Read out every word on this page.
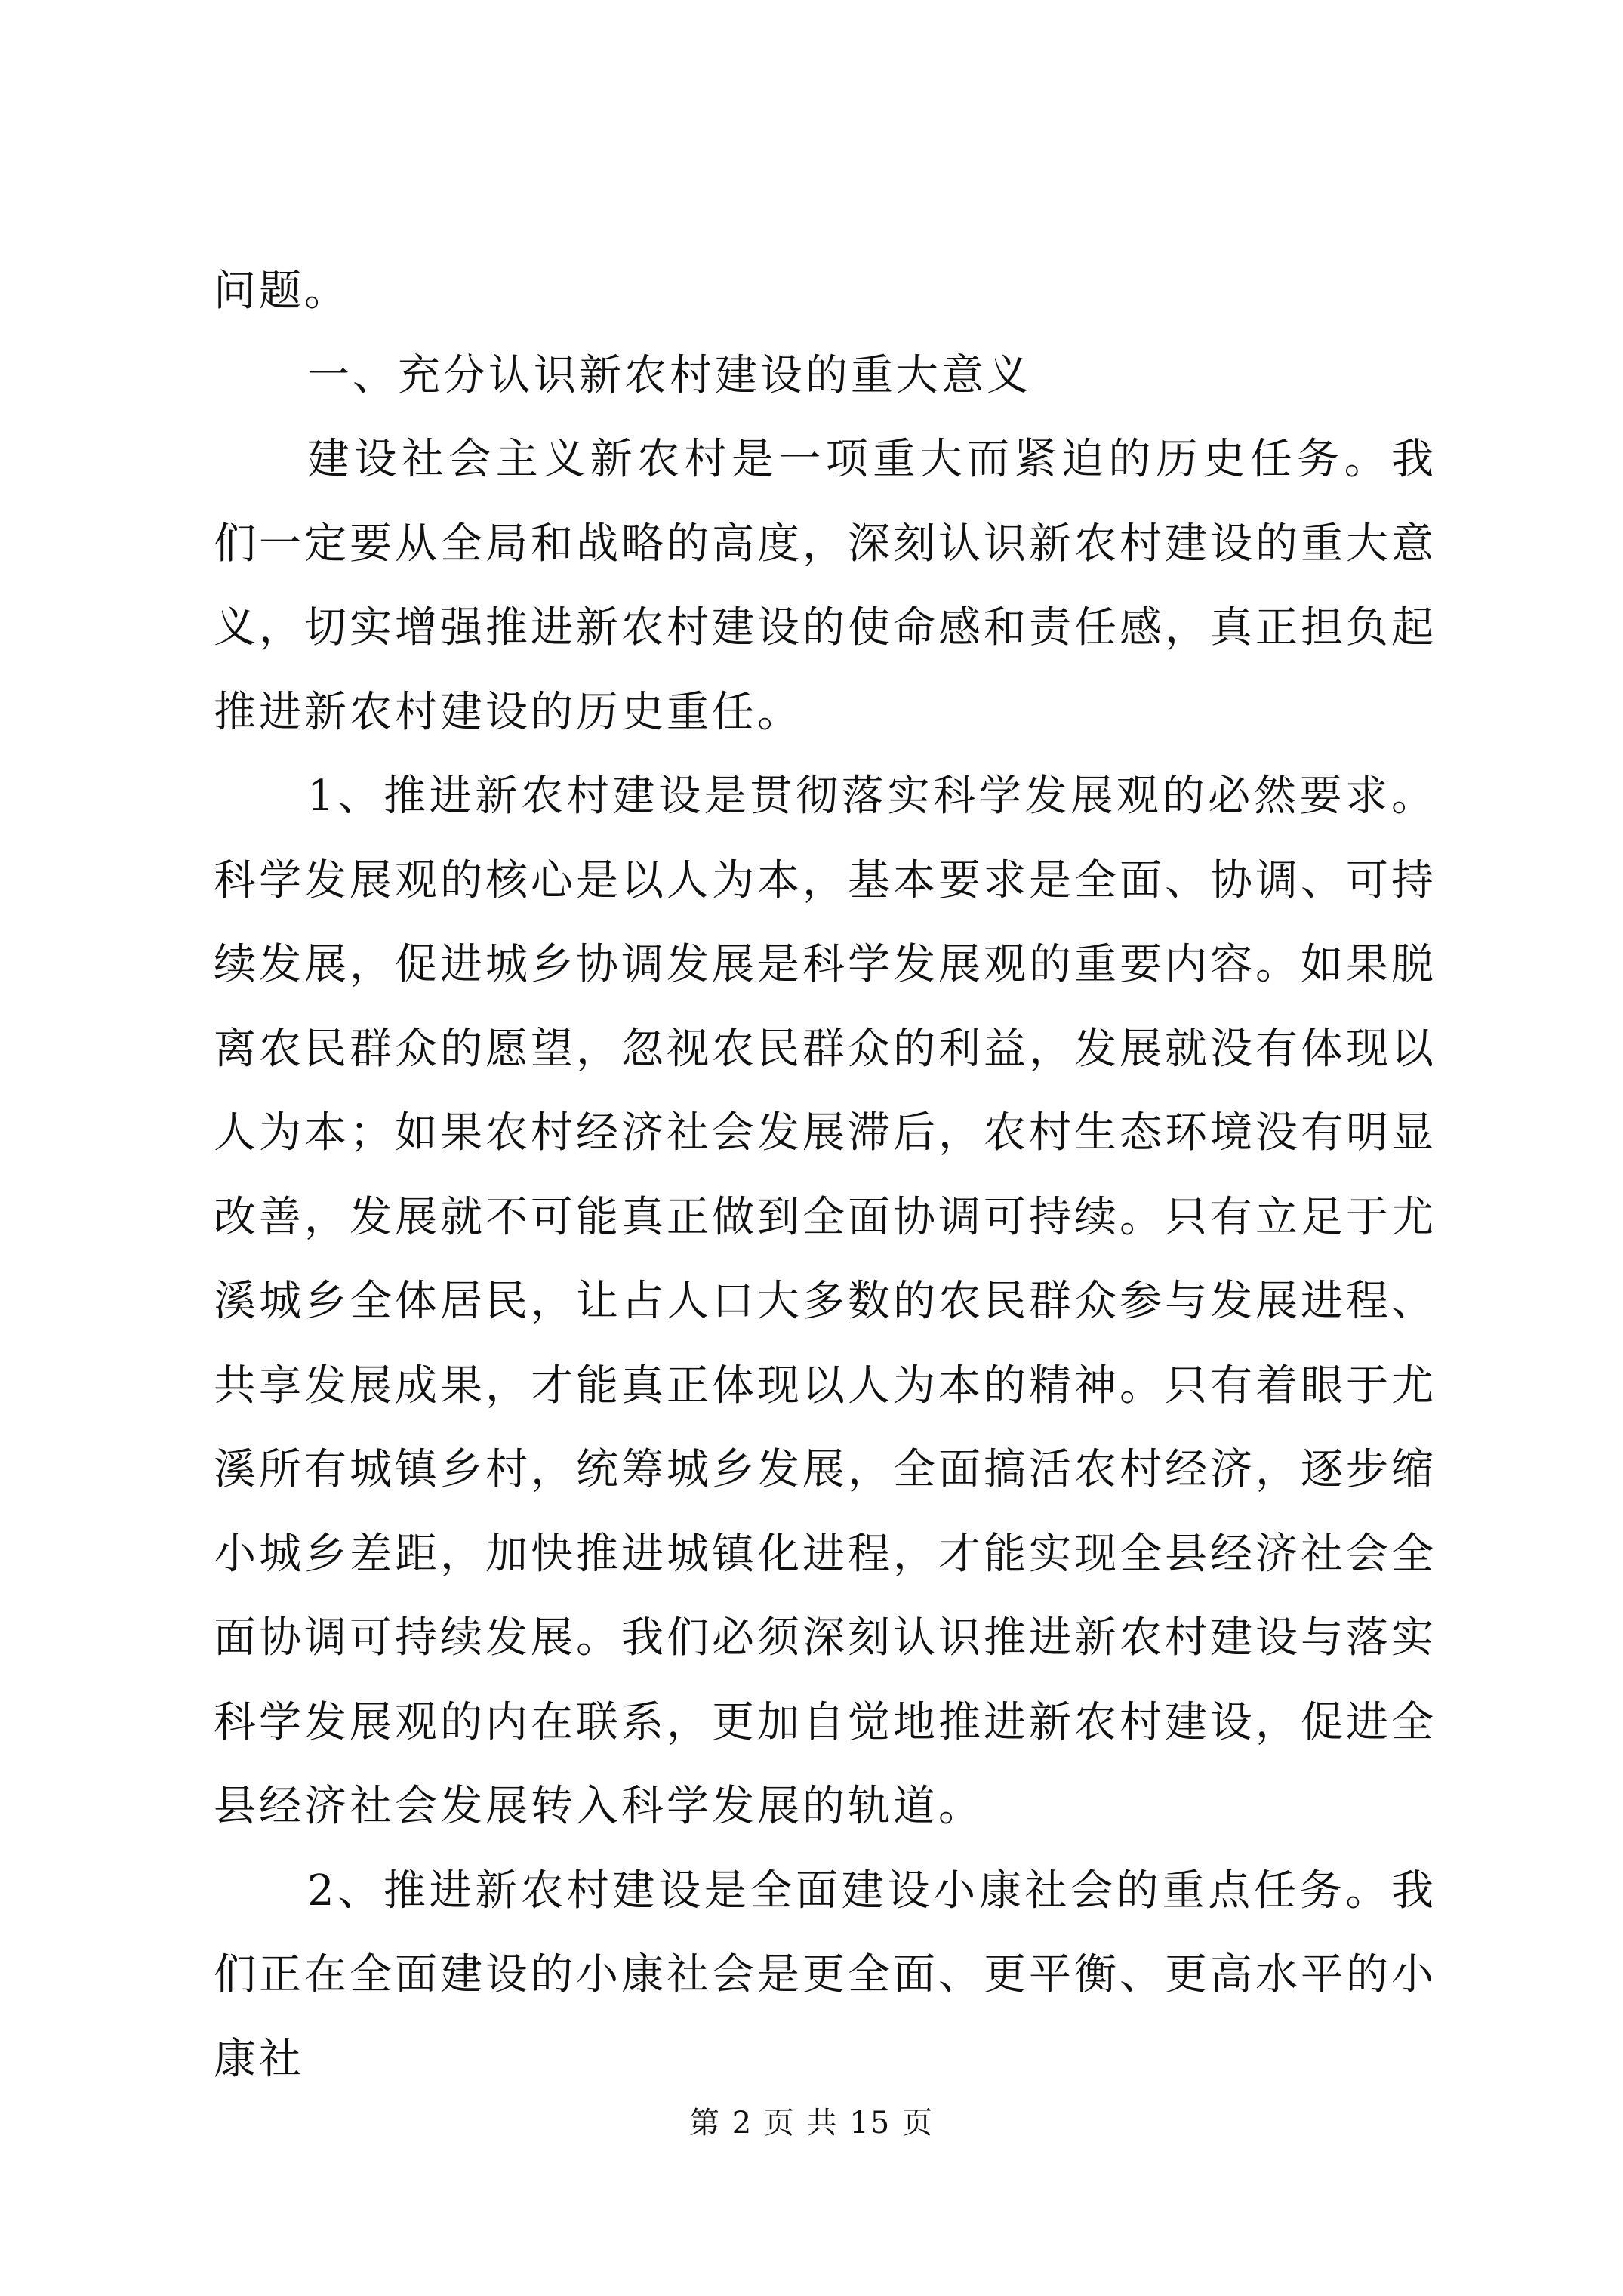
问题。

一、充分认识新农村建设的重大意义

建设社会主义新农村是一项重大而紧迫的历史任务。我们一定要从全局和战略的高度，深刻认识新农村建设的重大意义，切实增强推进新农村建设的使命感和责任感，真正担负起推进新农村建设的历史重任。

1、推进新农村建设是贯彻落实科学发展观的必然要求。科学发展观的核心是以人为本，基本要求是全面、协调、可持续发展，促进城乡协调发展是科学发展观的重要内容。如果脱离农民群众的愿望，忽视农民群众的利益，发展就没有体现以人为本；如果农村经济社会发展滞后，农村生态环境没有明显改善，发展就不可能真正做到全面协调可持续。只有立足于尤溪城乡全体居民，让占人口大多数的农民群众参与发展进程、共享发展成果，才能真正体现以人为本的精神。只有着眼于尤溪所有城镇乡村，统筹城乡发展，全面搞活农村经济，逐步缩小城乡差距，加快推进城镇化进程，才能实现全县经济社会全面协调可持续发展。我们必须深刻认识推进新农村建设与落实科学发展观的内在联系，更加自觉地推进新农村建设，促进全县经济社会发展转入科学发展的轨道。

2、推进新农村建设是全面建设小康社会的重点任务。我们正在全面建设的小康社会是更全面、更平衡、更高水平的小康社

第 2 页 共 15 页
